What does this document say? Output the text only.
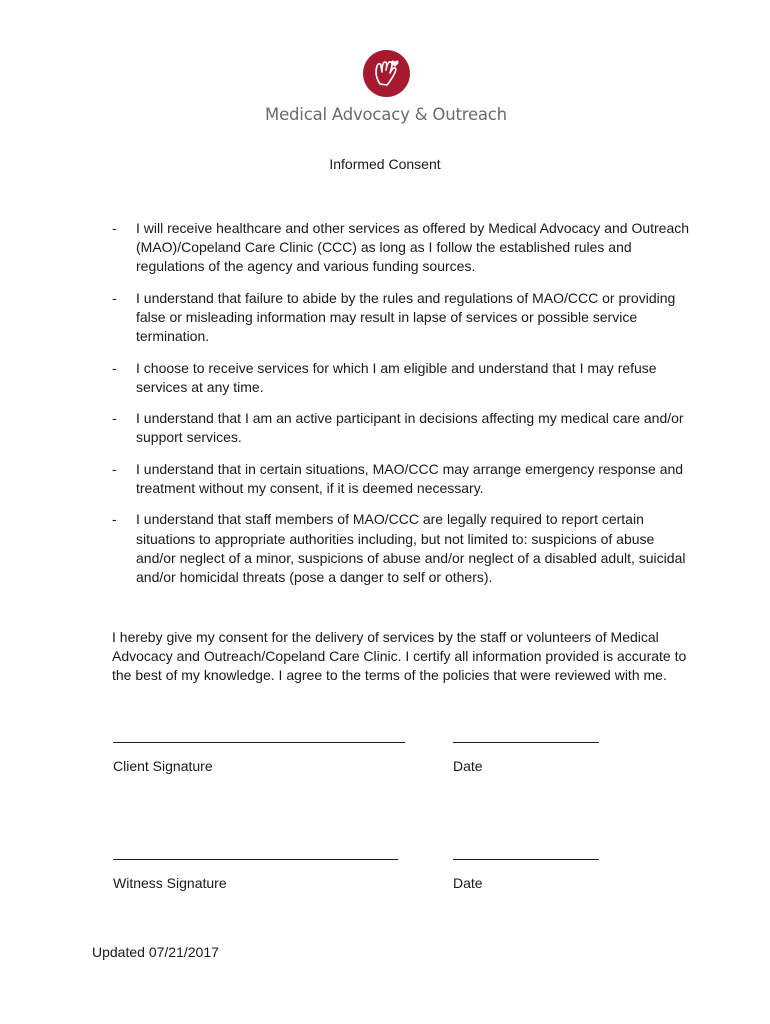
Medical Advocacy & Outreach
Informed Consent
- I will receive healthcare and other services as offered by Medical Advocacy and Outreach (MAO)/Copeland Care Clinic (CCC) as long as I follow the established rules and regulations of the agency and various funding sources.
- I understand that failure to abide by the rules and regulations of MAO/CCC or providing false or misleading information may result in lapse of services or possible service termination.
- I choose to receive services for which I am eligible and understand that I may refuse services at any time.
- I understand that I am an active participant in decisions affecting my medical care and/or support services.
- I understand that in certain situations, MAO/CCC may arrange emergency response and treatment without my consent, if it is deemed necessary.
- I understand that staff members of MAO/CCC are legally required to report certain situations to appropriate authorities including, but not limited to: suspicions of abuse and/or neglect of a minor, suspicions of abuse and/or neglect of a disabled adult, suicidal and/or homicidal threats (pose a danger to self or others).
I hereby give my consent for the delivery of services by the staff or volunteers of Medical Advocacy and Outreach/Copeland Care Clinic. I certify all information provided is accurate to the best of my knowledge. I agree to the terms of the policies that were reviewed with me.
Client Signature	Date
Witness Signature	Date
Updated 07/21/2017
